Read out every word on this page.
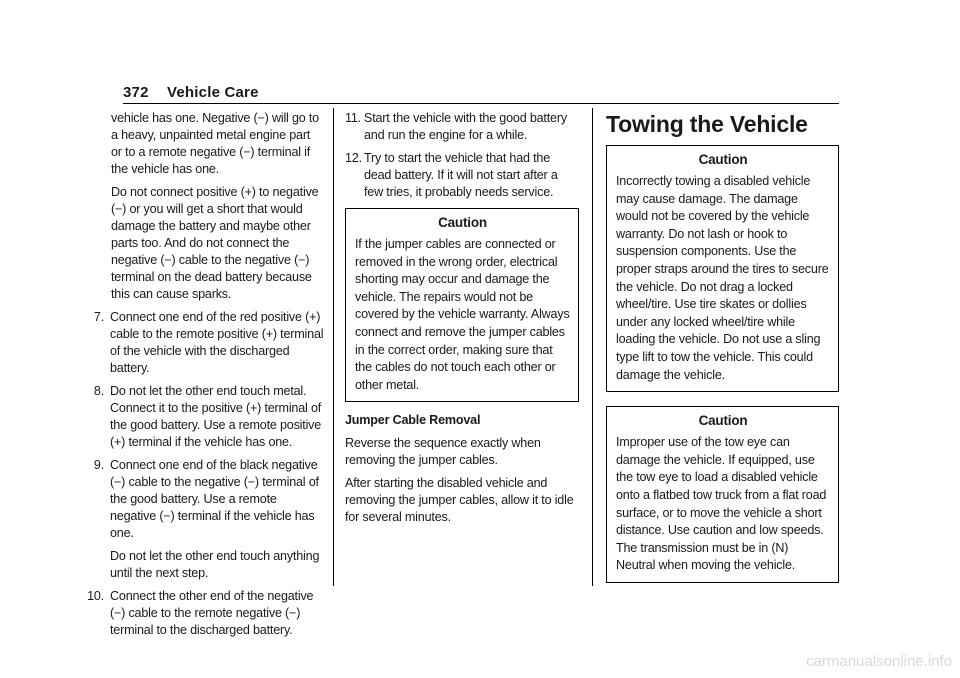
372 Vehicle Care

vehicle has one. Negative (−) will go to a heavy, unpainted metal engine part or to a remote negative (−) terminal if the vehicle has one.

Do not connect positive (+) to negative (−) or you will get a short that would damage the battery and maybe other parts too. And do not connect the negative (−) cable to the negative (−) terminal on the dead battery because this can cause sparks.

7. Connect one end of the red positive (+) cable to the remote positive (+) terminal of the vehicle with the discharged battery.

8. Do not let the other end touch metal. Connect it to the positive (+) terminal of the good battery. Use a remote positive (+) terminal if the vehicle has one.

9. Connect one end of the black negative (−) cable to the negative (−) terminal of the good battery. Use a remote negative (−) terminal if the vehicle has one.

Do not let the other end touch anything until the next step.

10. Connect the other end of the negative (−) cable to the remote negative (−) terminal to the discharged battery.

11. Start the vehicle with the good battery and run the engine for a while.

12. Try to start the vehicle that had the dead battery. If it will not start after a few tries, it probably needs service.

Caution
If the jumper cables are connected or removed in the wrong order, electrical shorting may occur and damage the vehicle. The repairs would not be covered by the vehicle warranty. Always connect and remove the jumper cables in the correct order, making sure that the cables do not touch each other or other metal.
Jumper Cable Removal

Reverse the sequence exactly when removing the jumper cables.

After starting the disabled vehicle and removing the jumper cables, allow it to idle for several minutes.

Towing the Vehicle
Caution
Incorrectly towing a disabled vehicle may cause damage. The damage would not be covered by the vehicle warranty. Do not lash or hook to suspension components. Use the proper straps around the tires to secure the vehicle. Do not drag a locked wheel/tire. Use tire skates or dollies under any locked wheel/tire while loading the vehicle. Do not use a sling type lift to tow the vehicle. This could damage the vehicle.
Caution
Improper use of the tow eye can damage the vehicle. If equipped, use the tow eye to load a disabled vehicle onto a flatbed tow truck from a flat road surface, or to move the vehicle a short distance. Use caution and low speeds. The transmission must be in (N) Neutral when moving the vehicle.
carmanualsonline.info
